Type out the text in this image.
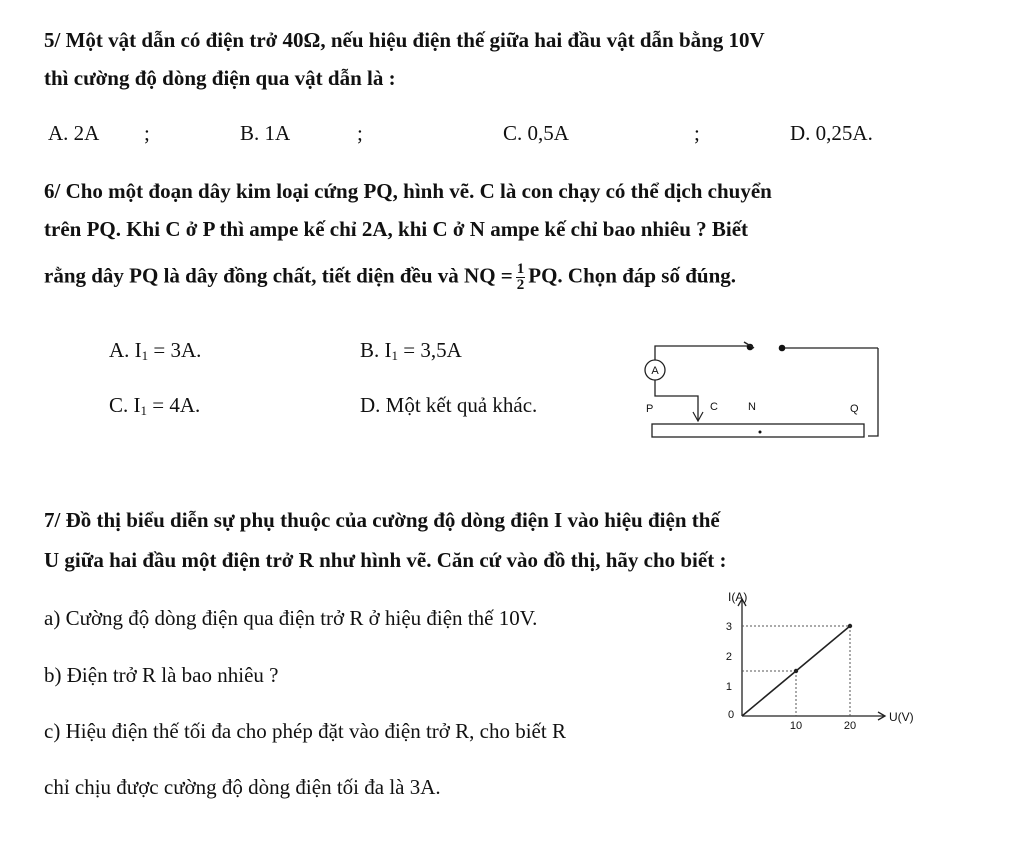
5/ Một vật dẫn có điện trở 40Ω, nếu hiệu điện thế giữa hai đầu vật dẫn bằng 10V
thì cường độ dòng điện qua vật dẫn là :
A. 2A ;	B. 1A	;	C. 0,5A	;	D. 0,25A.
6/ Cho một đoạn dây kim loại cứng PQ, hình vẽ. C là con chạy có thể dịch chuyển
trên PQ. Khi C ở P thì ampe kế chỉ 2A, khi C ở N ampe kế chỉ bao nhiêu ? Biết
rằng dây PQ là dây đồng chất, tiết diện đều và NQ = $\frac{1}{2}$ PQ. Chọn đáp số đúng.
A. $I_1 = 3A$.	B. $I_1 = 3,5A$
C. $I_1 = 4A$.	D. Một kết quả khác.
A
P	C	N	Q
7/ Đồ thị biểu diễn sự phụ thuộc của cường độ dòng điện I vào hiệu điện thế
U giữa hai đầu một điện trở R như hình vẽ. Căn cứ vào đồ thị, hãy cho biết :
a) Cường độ dòng điện qua điện trở R ở hiệu điện thế 10V.
b) Điện trở R là bao nhiêu ?
c) Hiệu điện thế tối đa cho phép đặt vào điện trở R, cho biết R
chỉ chịu được cường độ dòng điện tối đa là 3A.
U(V)
I(A)
0
10	20
1
2
3
